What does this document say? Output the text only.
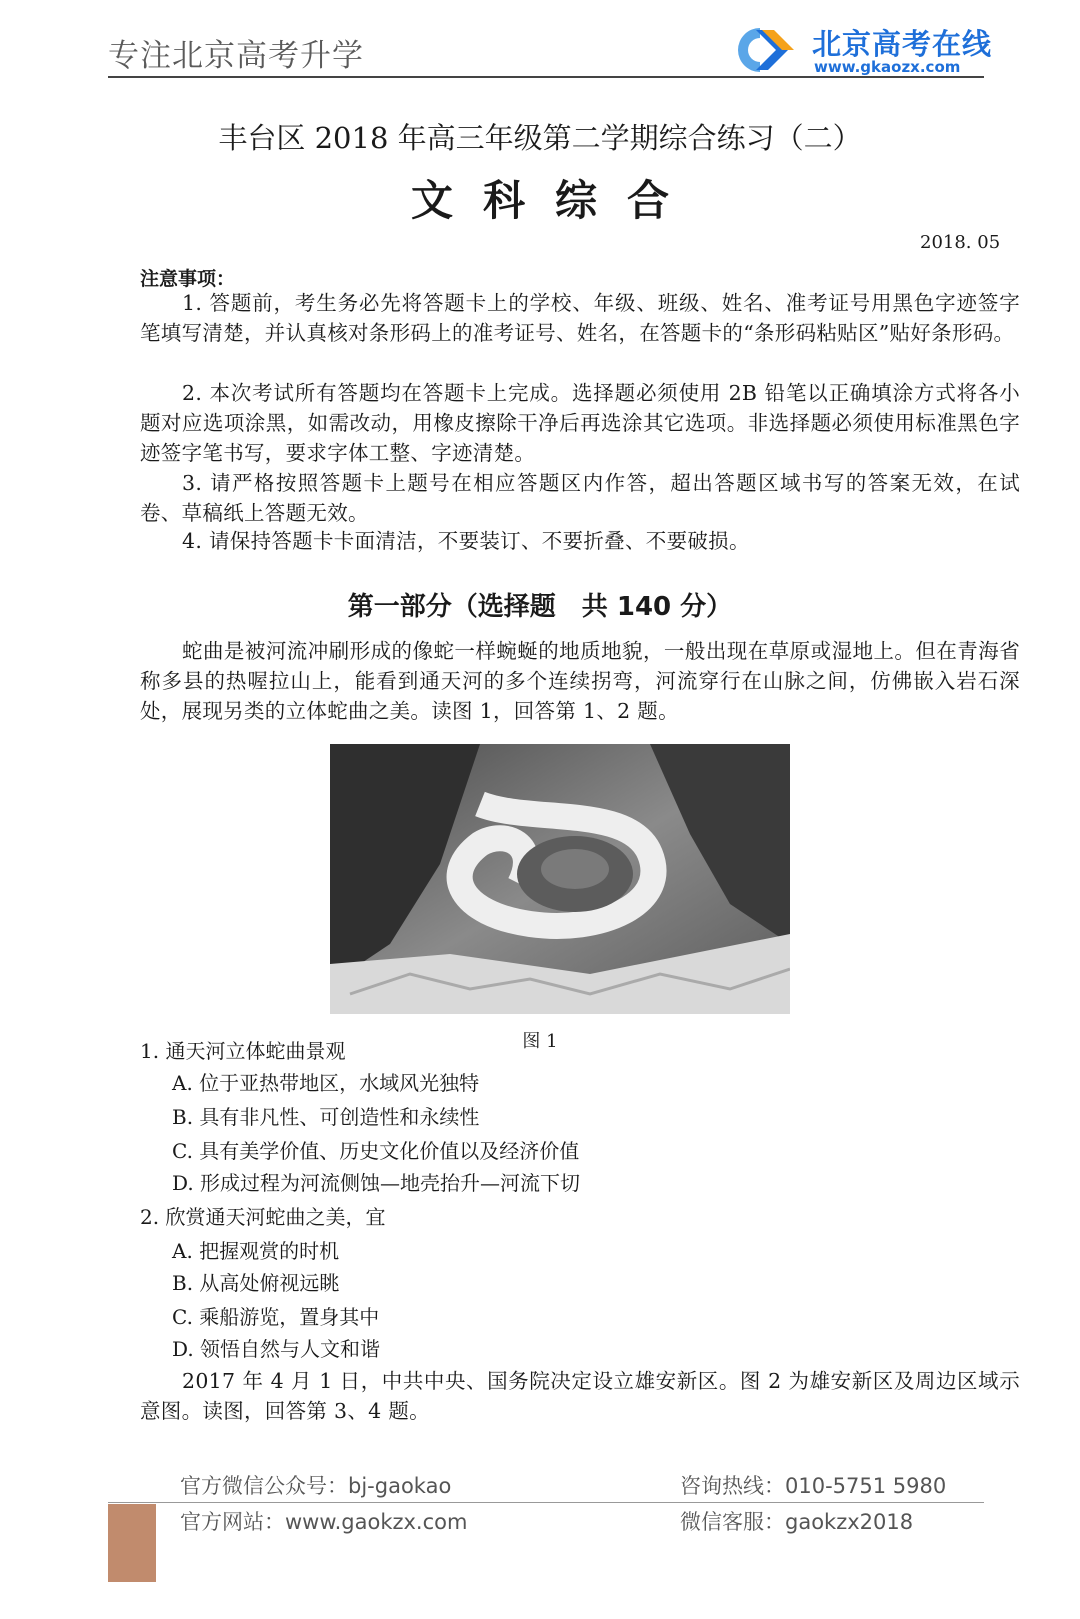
专注北京高考升学	北京高考在线
www.gkaozx.com
丰台区 2018 年高三年级第二学期综合练习（二）
文科综合
2018. 05
注意事项：

1. 答题前，考生务必先将答题卡上的学校、年级、班级、姓名、准考证号用黑色字迹签字笔填写清楚，并认真核对条形码上的准考证号、姓名，在答题卡的“条形码粘贴区”贴好条形码。

2. 本次考试所有答题均在答题卡上完成。选择题必须使用 2B 铅笔以正确填涂方式将各小题对应选项涂黑，如需改动，用橡皮擦除干净后再选涂其它选项。非选择题必须使用标准黑色字迹签字笔书写，要求字体工整、字迹清楚。

3. 请严格按照答题卡上题号在相应答题区内作答，超出答题区域书写的答案无效，在试卷、草稿纸上答题无效。

4. 请保持答题卡卡面清洁，不要装订、不要折叠、不要破损。

第一部分（选择题　共 140 分）

蛇曲是被河流冲刷形成的像蛇一样蜿蜒的地质地貌，一般出现在草原或湿地上。但在青海省称多县的热喔拉山上，能看到通天河的多个连续拐弯，河流穿行在山脉之间，仿佛嵌入岩石深处，展现另类的立体蛇曲之美。读图 1，回答第 1、2 题。

图 1
1. 通天河立体蛇曲景观
A. 位于亚热带地区，水域风光独特
B. 具有非凡性、可创造性和永续性
C. 具有美学价值、历史文化价值以及经济价值
D. 形成过程为河流侧蚀—地壳抬升—河流下切
2. 欣赏通天河蛇曲之美，宜
A. 把握观赏的时机
B. 从高处俯视远眺
C. 乘船游览，置身其中
D. 领悟自然与人文和谐

2017 年 4 月 1 日，中共中央、国务院决定设立雄安新区。图 2 为雄安新区及周边区域示意图。读图，回答第 3、4 题。

官方微信公众号：bj-gaokao
官方网站：www.gaokzx.com
咨询热线：010-5751 5980
微信客服：gaokzx2018
